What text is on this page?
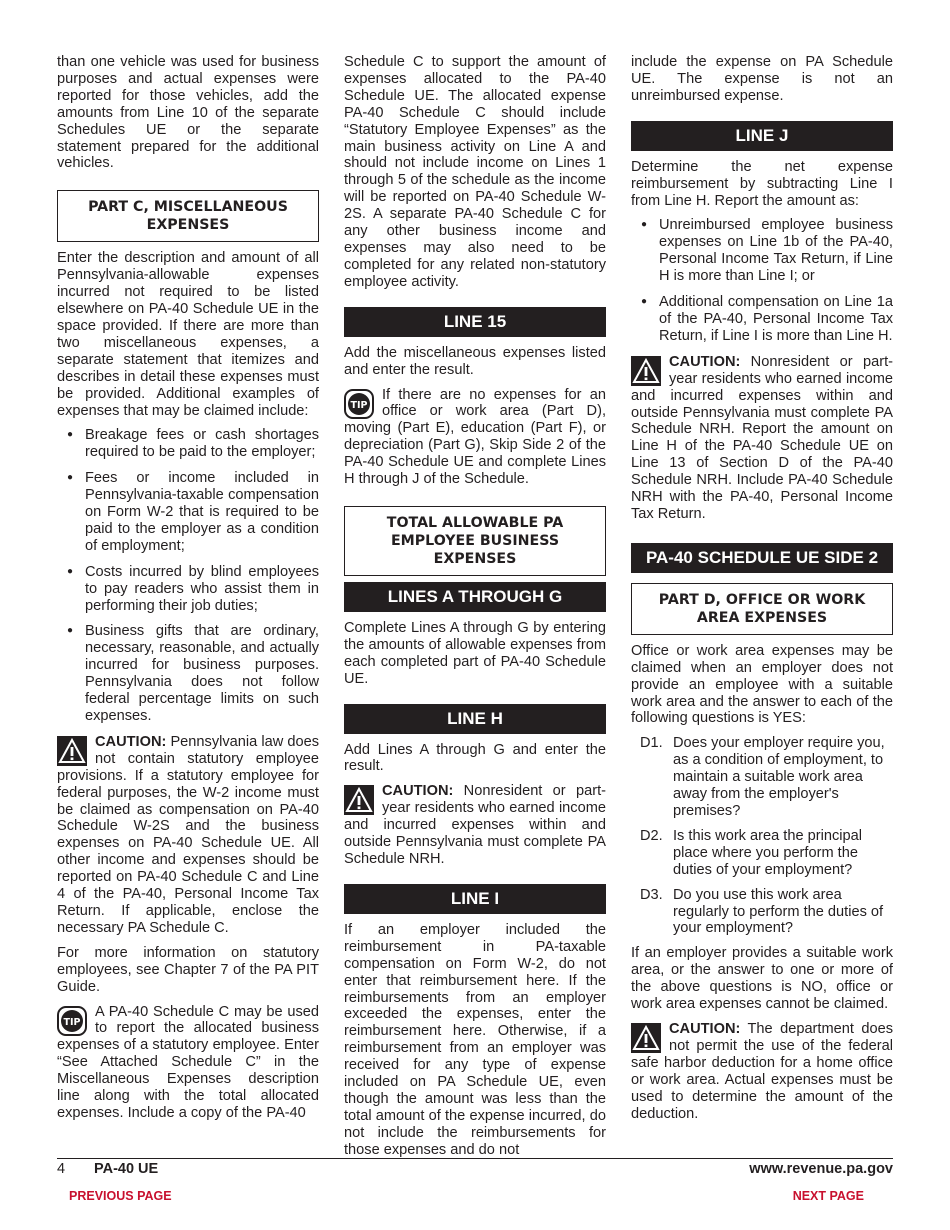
than one vehicle was used for business purposes and actual expenses were reported for those vehicles, add the amounts from Line 10 of the separate Schedules UE or the separate statement prepared for the additional vehicles.

PART C, MISCELLANEOUS EXPENSES

Enter the description and amount of all Pennsylvania-allowable expenses incurred not required to be listed elsewhere on PA-40 Schedule UE in the space provided. If there are more than two miscellaneous expenses, a separate statement that itemizes and describes in detail these expenses must be provided. Additional examples of expenses that may be claimed include:

● Breakage fees or cash shortages required to be paid to the employer;
● Fees or income included in Pennsylvania-taxable compensation on Form W-2 that is required to be paid to the employer as a condition of employment;
● Costs incurred by blind employees to pay readers who assist them in performing their job duties;
● Business gifts that are ordinary, necessary, reasonable, and actually incurred for business purposes. Pennsylvania does not follow federal percentage limits on such expenses.
CAUTION: Pennsylvania law does not contain statutory employee provisions. If a statutory employee for federal purposes, the W-2 income must be claimed as compensation on PA-40 Schedule W-2S and the business expenses on PA-40 Schedule UE. All other income and expenses should be reported on PA-40 Schedule C and Line 4 of the PA-40, Personal Income Tax Return. If applicable, enclose the necessary PA Schedule C.

For more information on statutory employees, see Chapter 7 of the PA PIT Guide.

A PA-40 Schedule C may be used to report the allocated business expenses of a statutory employee. Enter “See Attached Schedule C” in the Miscellaneous Expenses description line along with the total allocated expenses. Include a copy of the PA-40

Schedule C to support the amount of expenses allocated to the PA-40 Schedule UE. The allocated expense PA-40 Schedule C should include “Statutory Employee Expenses” as the main business activity on Line A and should not include income on Lines 1 through 5 of the schedule as the income will be reported on PA-40 Schedule W-2S. A separate PA-40 Schedule C for any other business income and expenses may also need to be completed for any related non-statutory employee activity.

LINE 15

Add the miscellaneous expenses listed and enter the result.

If there are no expenses for an office or work area (Part D), moving (Part E), education (Part F), or depreciation (Part G), Skip Side 2 of the PA-40 Schedule UE and complete Lines H through J of the Schedule.
TOTAL ALLOWABLE PA EMPLOYEE BUSINESS EXPENSES
LINES A THROUGH G

Complete Lines A through G by entering the amounts of allowable expenses from each completed part of PA-40 Schedule UE.

LINE H

Add Lines A through G and enter the result.

CAUTION: Nonresident or part-year residents who earned income and incurred expenses within and outside Pennsylvania must complete PA Schedule NRH.
LINE I

If an employer included the reimbursement in PA-taxable compensation on Form W-2, do not enter that reimbursement here. If the reimbursements from an employer exceeded the expenses, enter the reimbursement here. Otherwise, if a reimbursement from an employer was received for any type of expense included on PA Schedule UE, even though the amount was less than the total amount of the expense incurred, do not include the reimbursements for those expenses and do not

include the expense on PA Schedule UE. The expense is not an unreimbursed expense.

LINE J

Determine the net expense reimbursement by subtracting Line I from Line H. Report the amount as:

● Unreimbursed employee business expenses on Line 1b of the PA-40, Personal Income Tax Return, if Line H is more than Line I; or
● Additional compensation on Line 1a of the PA-40, Personal Income Tax Return, if Line I is more than Line H.
CAUTION: Nonresident or part-year residents who earned income and incurred expenses within and outside Pennsylvania must complete PA Schedule NRH. Report the amount on Line H of the PA-40 Schedule UE on Line 13 of Section D of the PA-40 Schedule NRH. Include PA-40 Schedule NRH with the PA-40, Personal Income Tax Return.
PA-40 SCHEDULE UE SIDE 2
PART D, OFFICE OR WORK AREA EXPENSES

Office or work area expenses may be claimed when an employer does not provide an employee with a suitable work area and the answer to each of the following questions is YES:

D1. Does your employer require you, as a condition of employment, to maintain a suitable work area away from the employer's premises?
D2. Is this work area the principal place where you perform the duties of your employment?
D3. Do you use this work area regularly to perform the duties of your employment?

If an employer provides a suitable work area, or the answer to one or more of the above questions is NO, office or work area expenses cannot be claimed.

CAUTION: The department does not permit the use of the federal safe harbor deduction for a home office or work area. Actual expenses must be used to determine the amount of the deduction.
4 PA-40 UE	www.revenue.pa.gov
PREVIOUS PAGE	NEXT PAGE
